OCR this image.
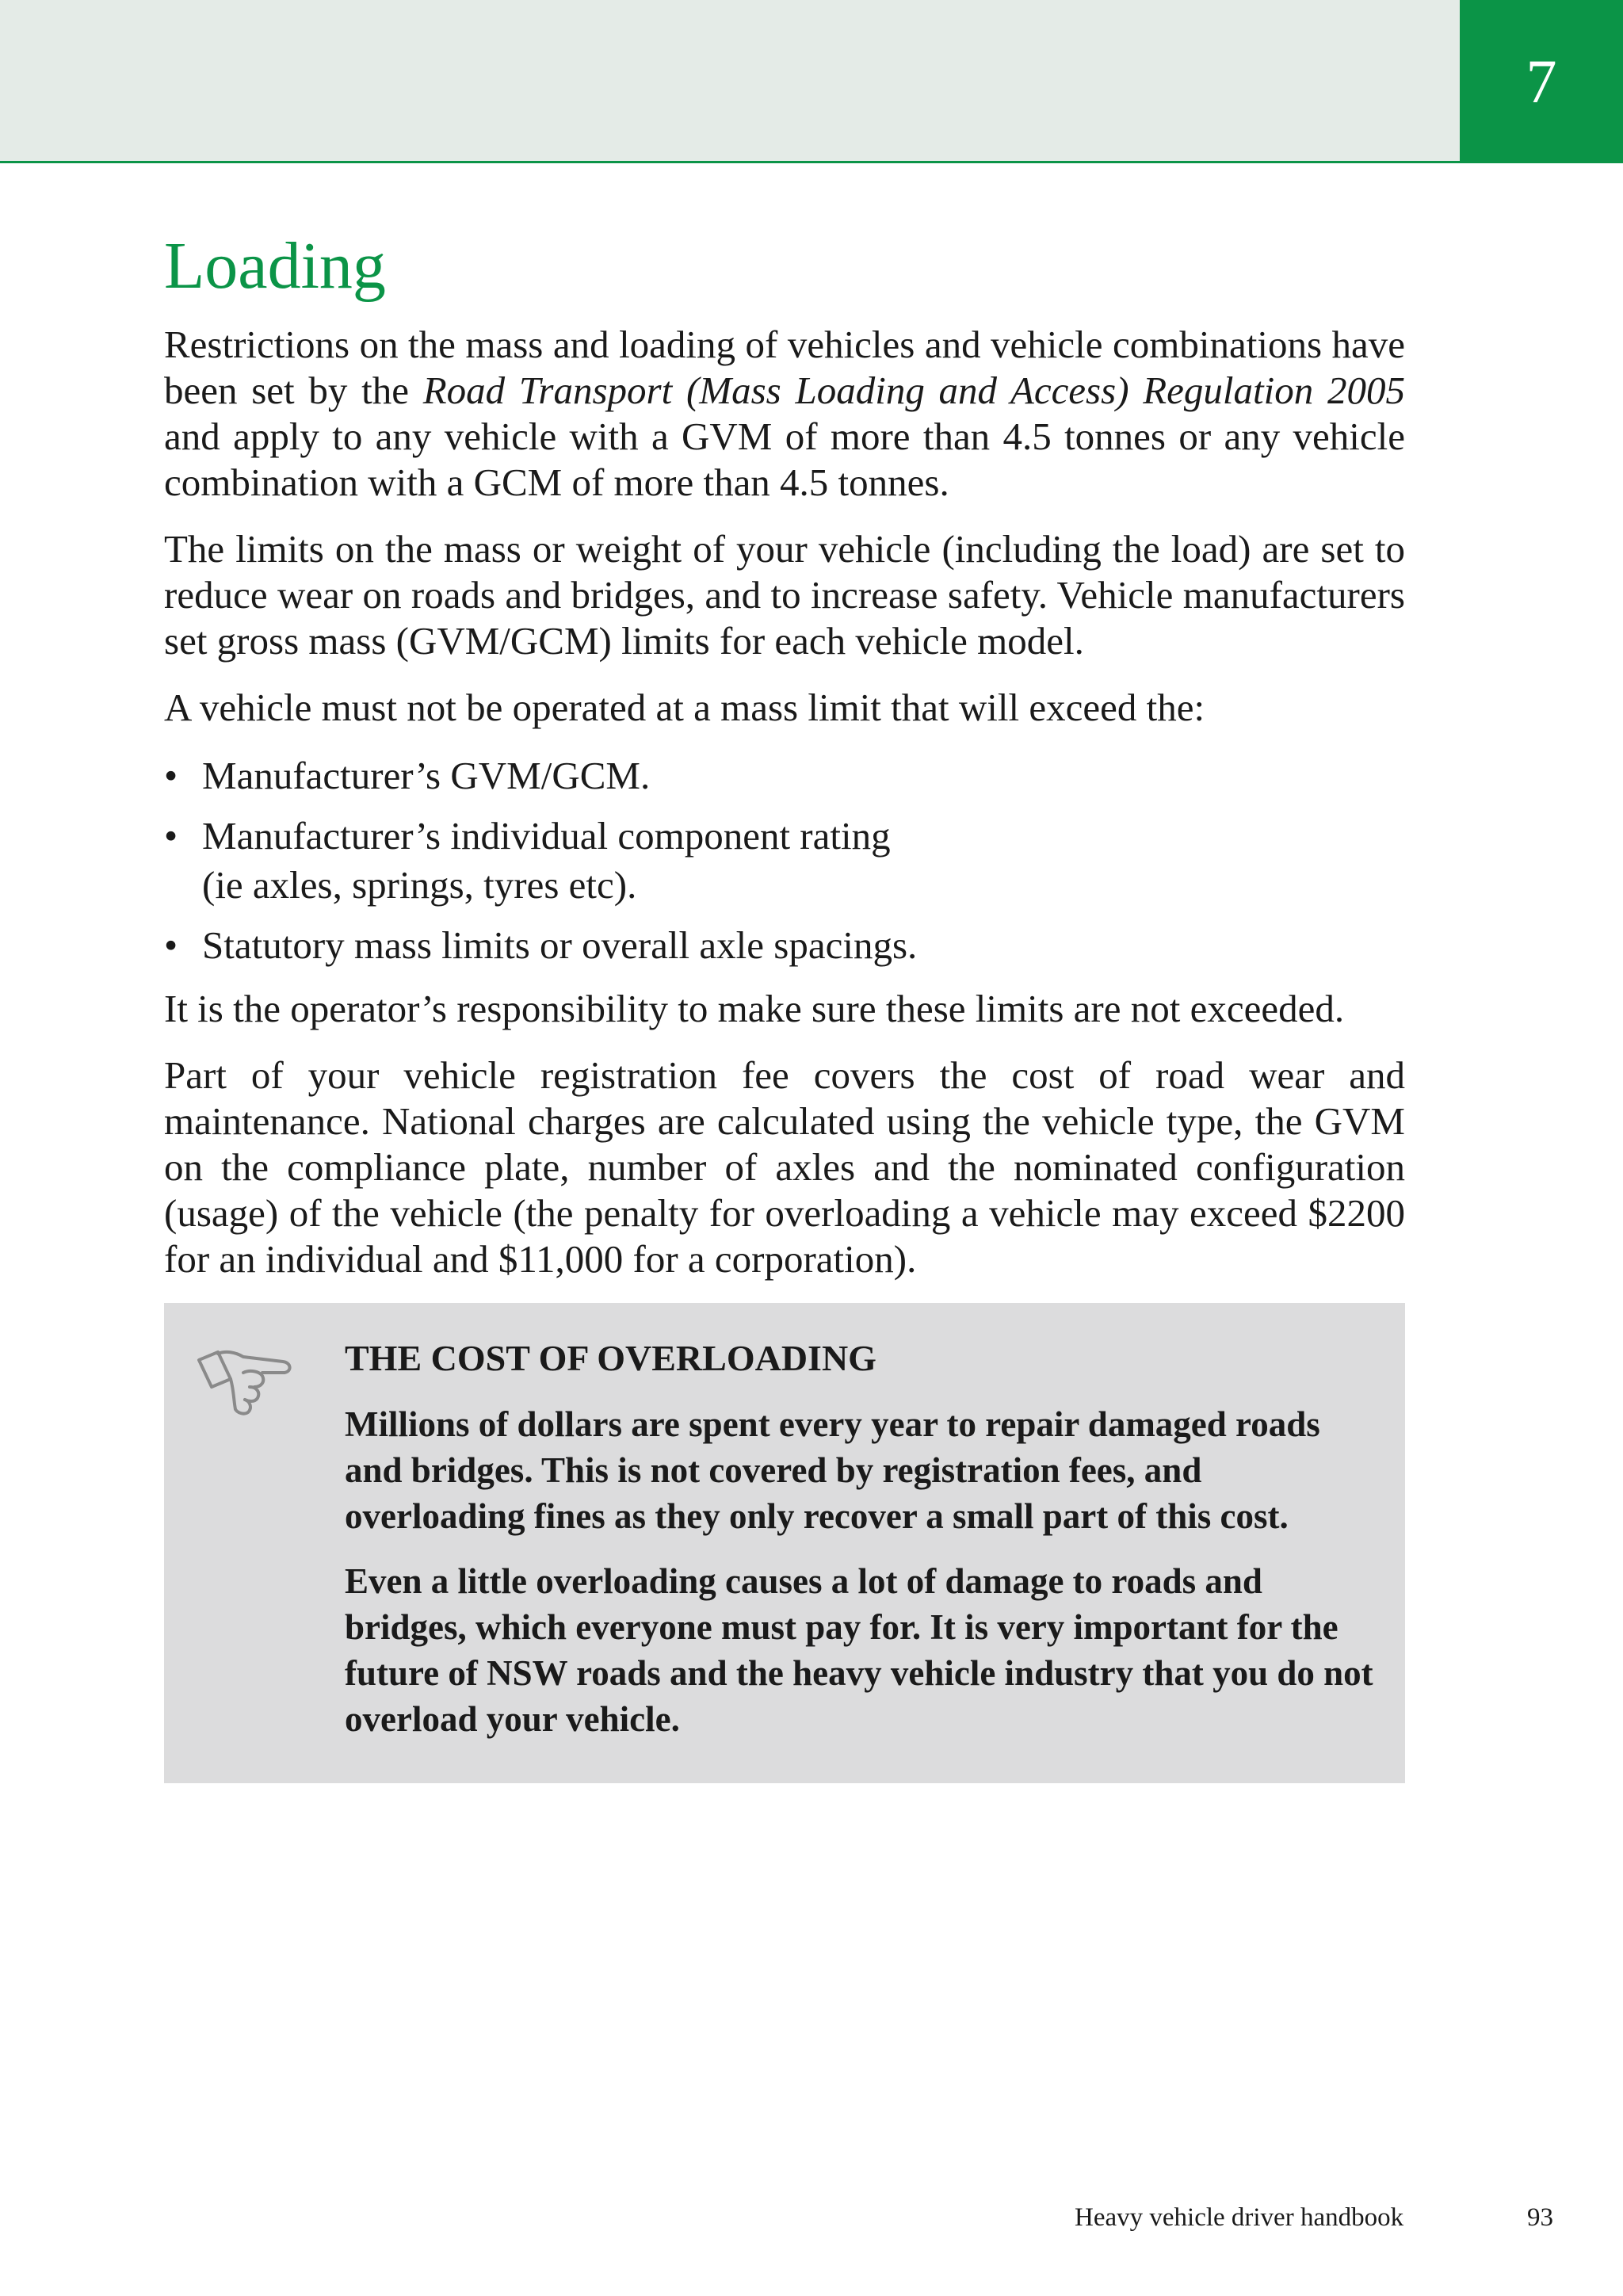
7
Loading

Restrictions on the mass and loading of vehicles and vehicle combinations have been set by the Road Transport (Mass Loading and Access) Regulation 2005 and apply to any vehicle with a GVM of more than 4.5 tonnes or any vehicle combination with a GCM of more than 4.5 tonnes.

The limits on the mass or weight of your vehicle (including the load) are set to reduce wear on roads and bridges, and to increase safety. Vehicle manufacturers set gross mass (GVM/GCM) limits for each vehicle model.

A vehicle must not be operated at a mass limit that will exceed the:

• Manufacturer’s GVM/GCM.
• Manufacturer’s individual component rating
(ie axles, springs, tyres etc).
• Statutory mass limits or overall axle spacings.

It is the operator’s responsibility to make sure these limits are not exceeded.

Part of your vehicle registration fee covers the cost of road wear and maintenance. National charges are calculated using the vehicle type, the GVM on the compliance plate, number of axles and the nominated configuration (usage) of the vehicle (the penalty for overloading a vehicle may exceed $2200 for an individual and $11,000 for a corporation).

THE COST OF OVERLOADING

Millions of dollars are spent every year to repair damaged roads and bridges. This is not covered by registration fees, and overloading fines as they only recover a small part of this cost.

Even a little overloading causes a lot of damage to roads and bridges, which everyone must pay for. It is very important for the future of NSW roads and the heavy vehicle industry that you do not overload your vehicle.

Heavy vehicle driver handbook	93
